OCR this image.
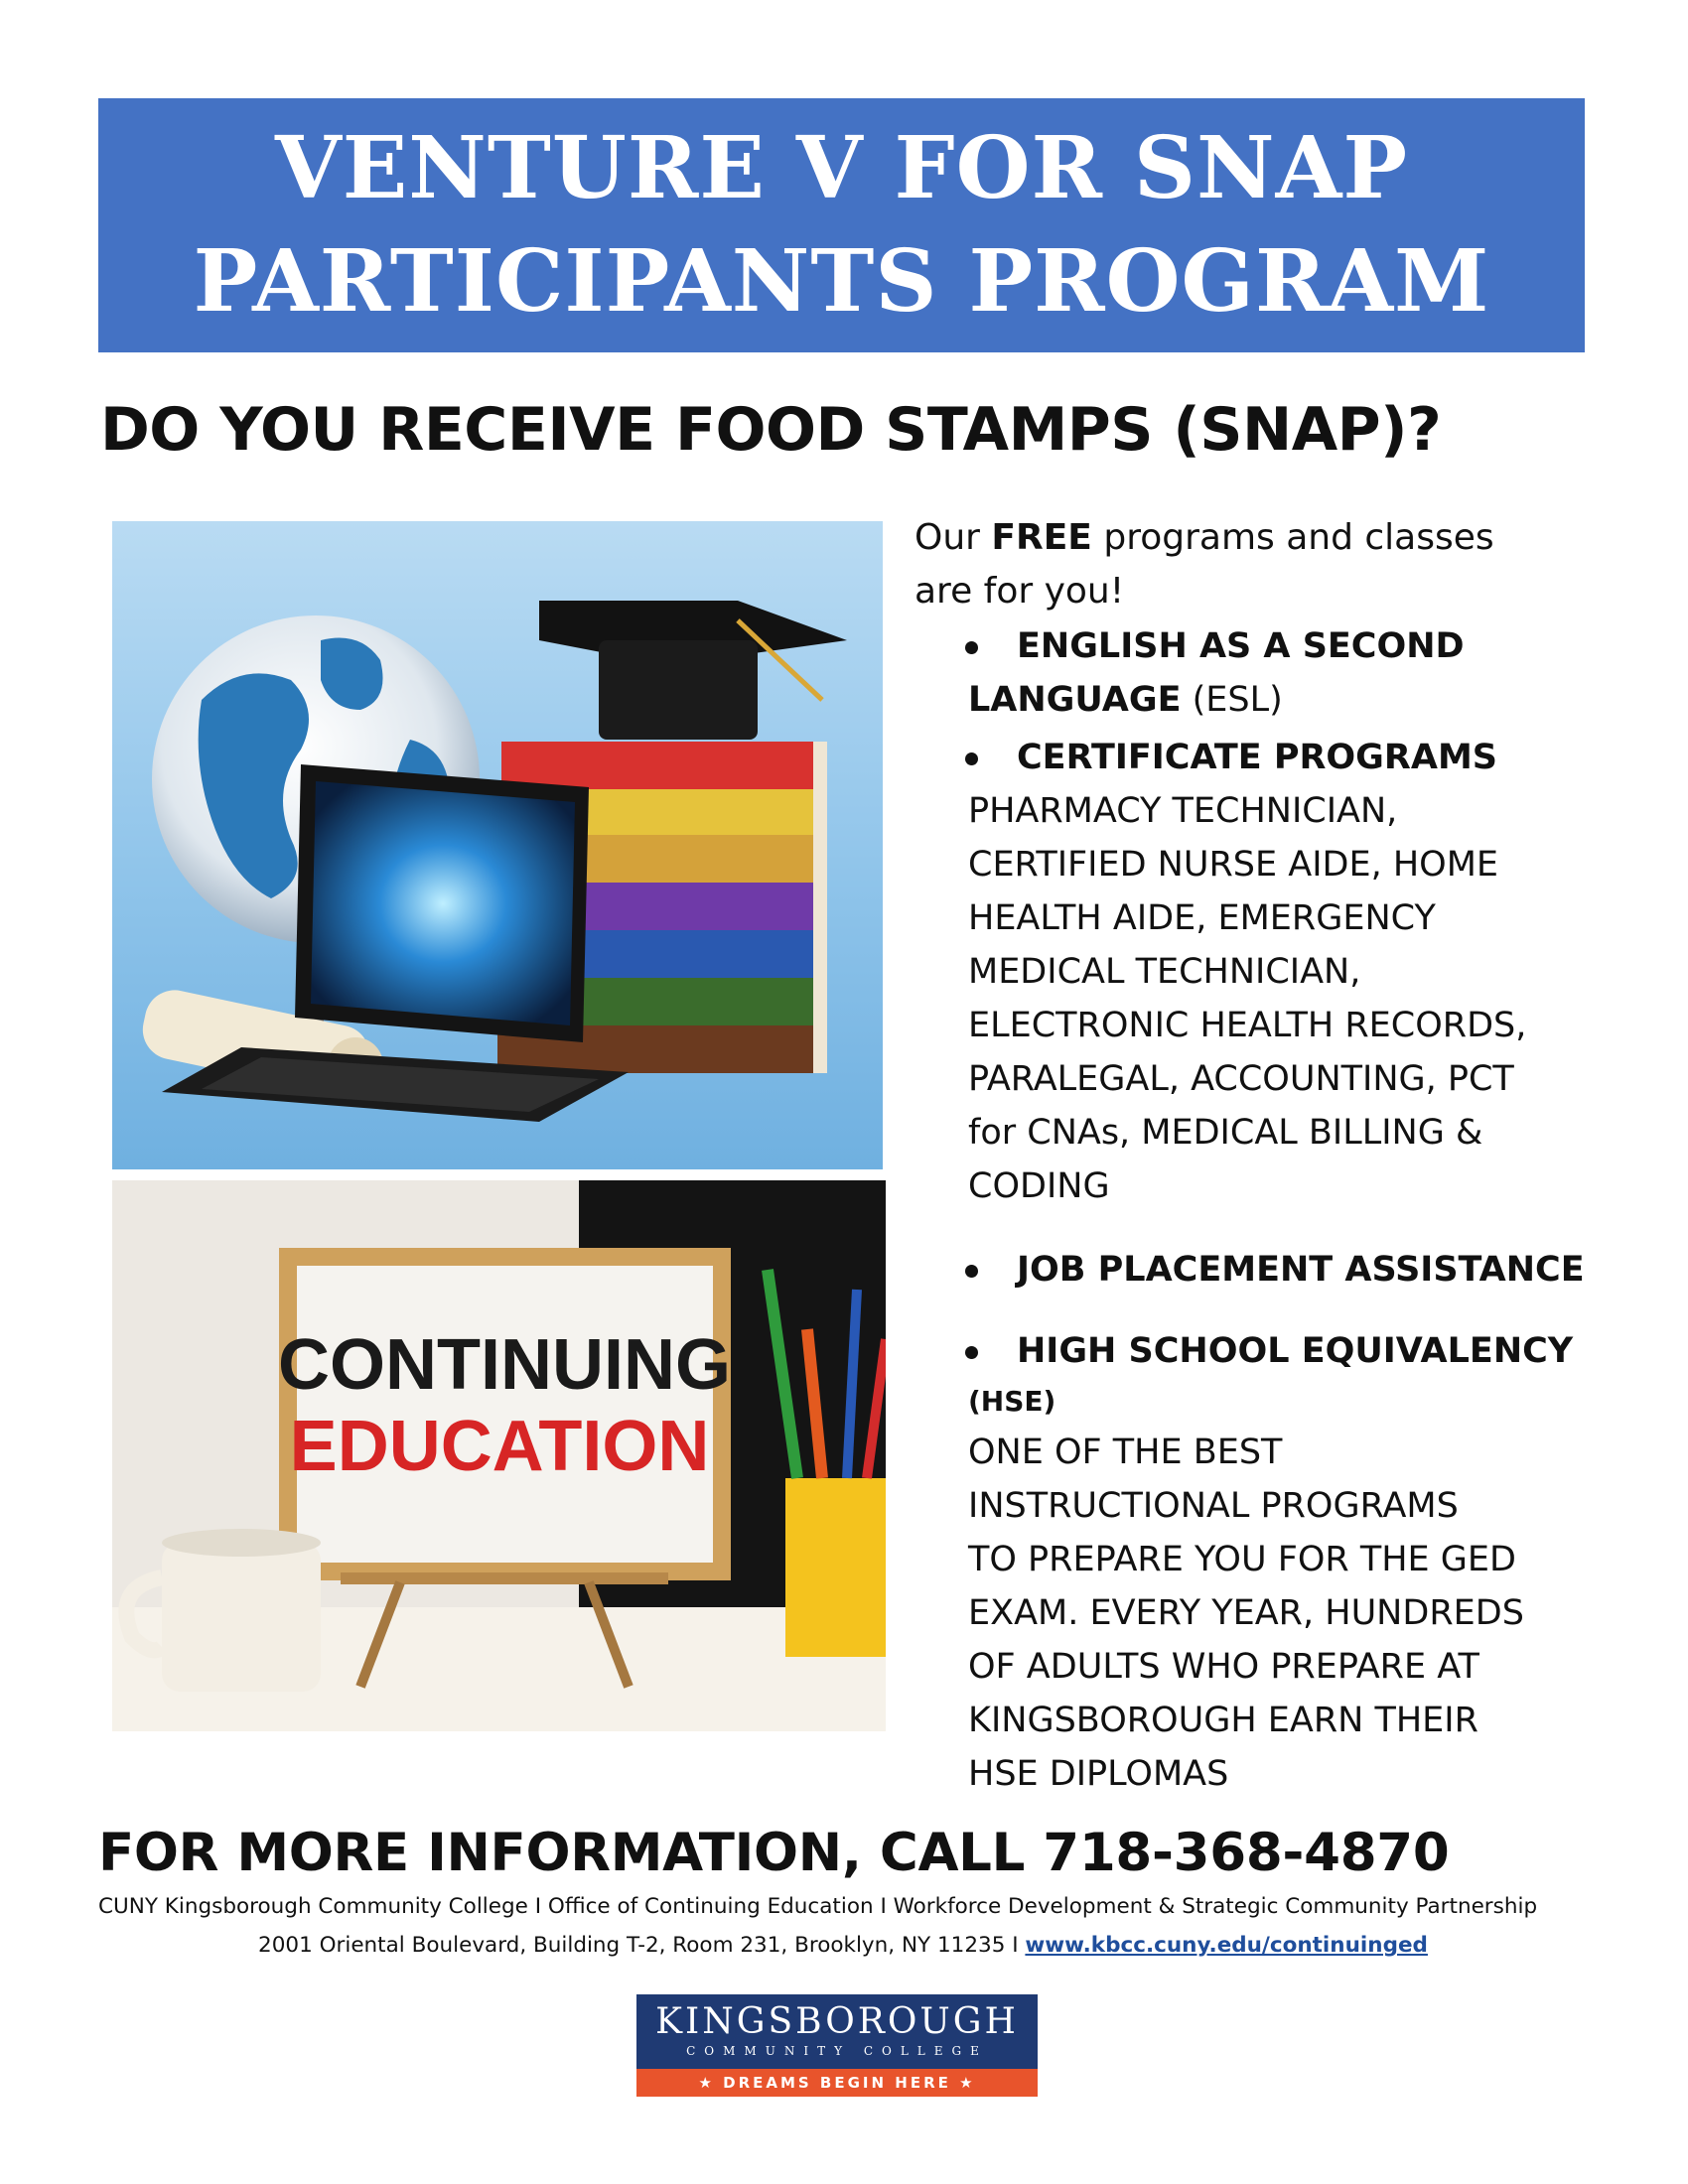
VENTURE V FOR SNAP
PARTICIPANTS PROGRAM
DO YOU RECEIVE FOOD STAMPS (SNAP)?
CONTINUING
EDUCATION
Our FREE programs and classes are for you!
ENGLISH AS A SECOND
LANGUAGE (ESL)
CERTIFICATE PROGRAMS
PHARMACY TECHNICIAN,
CERTIFIED NURSE AIDE, HOME
HEALTH AIDE, EMERGENCY
MEDICAL TECHNICIAN,
ELECTRONIC HEALTH RECORDS,
PARALEGAL, ACCOUNTING, PCT
for CNAs, MEDICAL BILLING &
CODING
JOB PLACEMENT ASSISTANCE
HIGH SCHOOL EQUIVALENCY
(HSE)
ONE OF THE BEST
INSTRUCTIONAL PROGRAMS
TO PREPARE YOU FOR THE GED
EXAM. EVERY YEAR, HUNDREDS
OF ADULTS WHO PREPARE AT
KINGSBOROUGH EARN THEIR
HSE DIPLOMAS
FOR MORE INFORMATION, CALL 718-368-4870
CUNY Kingsborough Community College I Office of Continuing Education I Workforce Development & Strategic Community Partnership
2001 Oriental Boulevard, Building T-2, Room 231, Brooklyn, NY 11235 I www.kbcc.cuny.edu/continuinged
KINGSBOROUGH
COMMUNITY COLLEGE
★ DREAMS BEGIN HERE ★
